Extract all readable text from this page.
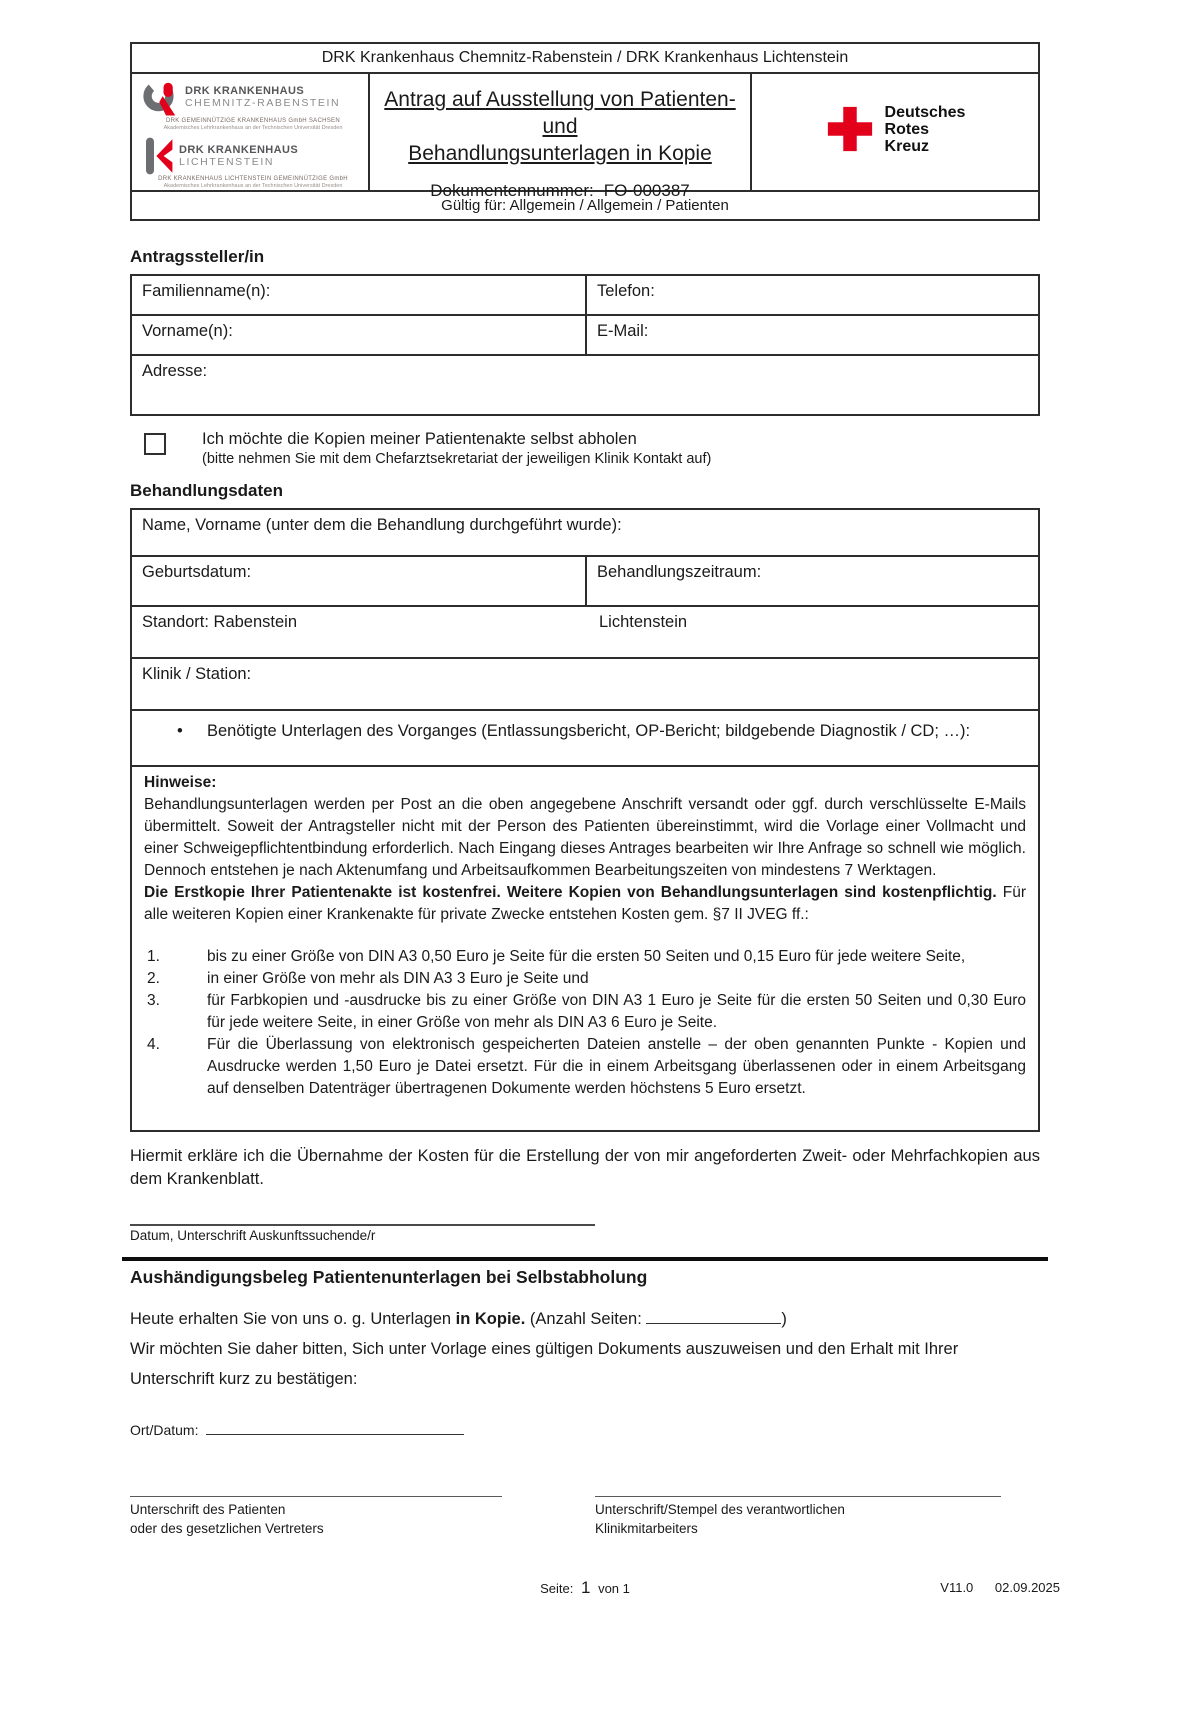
DRK Krankenhaus Chemnitz-Rabenstein / DRK Krankenhaus Lichtenstein
DRK KRANKENHAUS
CHEMNITZ-RABENSTEIN
DRK GEMEINNÜTZIGE KRANKENHAUS GmbH SACHSEN
Akademisches Lehrkrankenhaus an der Technischen Universität Dresden
DRK KRANKENHAUS
LICHTENSTEIN
DRK KRANKENHAUS LICHTENSTEIN GEMEINNÜTZIGE GmbH
Akademisches Lehrkrankenhaus an der Technischen Universität Dresden
Antrag auf Ausstellung von Patienten- und
Behandlungsunterlagen in Kopie
Dokumentennummer: FO-000387
Deutsches
Rotes
Kreuz
Gültig für: Allgemein / Allgemein / Patienten
Antragssteller/in
Familienname(n):	Telefon:
Vorname(n):	E-Mail:
Adresse:
Ich möchte die Kopien meiner Patientenakte selbst abholen
(bitte nehmen Sie mit dem Chefarztsekretariat der jeweiligen Klinik Kontakt auf)
Behandlungsdaten
Name, Vorname (unter dem die Behandlung durchgeführt wurde):
Geburtsdatum:	Behandlungszeitraum:
Standort: Rabenstein	Lichtenstein
Klinik / Station:
•	Benötigte Unterlagen des Vorganges (Entlassungsbericht, OP-Bericht; bildgebende Diagnostik / CD; …):
Hinweise:
Behandlungsunterlagen werden per Post an die oben angegebene Anschrift versandt oder ggf. durch verschlüsselte E-Mails übermittelt. Soweit der Antragsteller nicht mit der Person des Patienten übereinstimmt, wird die Vorlage einer Vollmacht und einer Schweigepflichtentbindung erforderlich. Nach Eingang dieses Antrages bearbeiten wir Ihre Anfrage so schnell wie möglich. Dennoch entstehen je nach Aktenumfang und Arbeitsaufkommen Bearbeitungszeiten von mindestens 7 Werktagen.
Die Erstkopie Ihrer Patientenakte ist kostenfrei. Weitere Kopien von Behandlungsunterlagen sind kostenpflichtig. Für alle weiteren Kopien einer Krankenakte für private Zwecke entstehen Kosten gem. §7 II JVEG ff.:
1.	bis zu einer Größe von DIN A3 0,50 Euro je Seite für die ersten 50 Seiten und 0,15 Euro für jede weitere Seite,
2.	in einer Größe von mehr als DIN A3 3 Euro je Seite und
3.	für Farbkopien und -ausdrucke bis zu einer Größe von DIN A3 1 Euro je Seite für die ersten 50 Seiten und 0,30 Euro für jede weitere Seite, in einer Größe von mehr als DIN A3 6 Euro je Seite.
4.	Für die Überlassung von elektronisch gespeicherten Dateien anstelle – der oben genannten Punkte - Kopien und Ausdrucke werden 1,50 Euro je Datei ersetzt. Für die in einem Arbeitsgang überlassenen oder in einem Arbeitsgang auf denselben Datenträger übertragenen Dokumente werden höchstens 5 Euro ersetzt.
Hiermit erkläre ich die Übernahme der Kosten für die Erstellung der von mir angeforderten Zweit- oder Mehrfachkopien aus dem Krankenblatt.
Datum, Unterschrift Auskunftssuchende/r
Aushändigungsbeleg Patientenunterlagen bei Selbstabholung
Heute erhalten Sie von uns o. g. Unterlagen in Kopie. (Anzahl Seiten:	)
Wir möchten Sie daher bitten, Sich unter Vorlage eines gültigen Dokuments auszuweisen und den Erhalt mit Ihrer Unterschrift kurz zu bestätigen:
Ort/Datum:
Unterschrift des Patienten
oder des gesetzlichen Vertreters
Unterschrift/Stempel des verantwortlichen
Klinikmitarbeiters
Seite: 1 von 1	V11.0 02.09.2025
